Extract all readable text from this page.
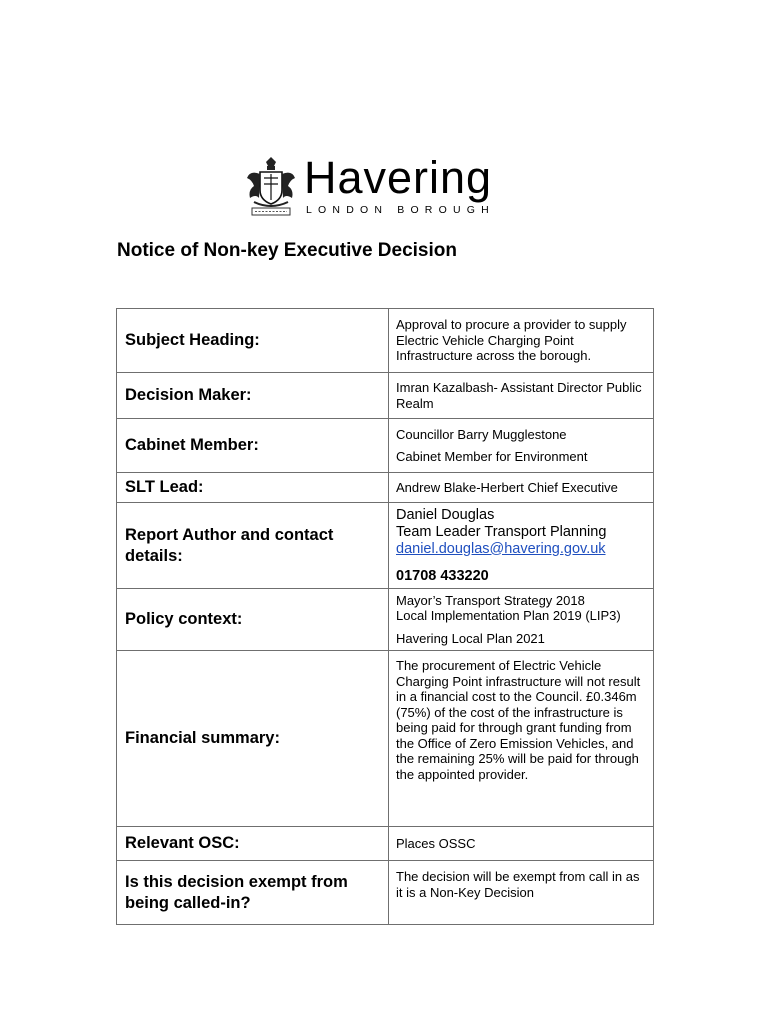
Havering
LONDON BOROUGH
Notice of Non-key Executive Decision
Subject Heading:	Approval to procure a provider to supply Electric Vehicle Charging Point Infrastructure across the borough.
Decision Maker:	Imran Kazalbash- Assistant Director Public Realm
Cabinet Member:	Councillor Barry Mugglestone
Cabinet Member for Environment

SLT Lead:	Andrew Blake-Herbert Chief Executive
Report Author and contact details:	Daniel Douglas
Team Leader Transport Planning
daniel.douglas@havering.gov.uk
01708 433220

Policy context:	Mayor’s Transport Strategy 2018
Local Implementation Plan 2019 (LIP3)
Havering Local Plan 2021

Financial summary:	The procurement of Electric Vehicle Charging Point infrastructure will not result in a financial cost to the Council. £0.346m (75%) of the cost of the infrastructure is being paid for through grant funding from the Office of Zero Emission Vehicles, and the remaining 25% will be paid for through the appointed provider.
Relevant OSC:	Places OSSC
Is this decision exempt from being called-in?	The decision will be exempt from call in as it is a Non-Key Decision
